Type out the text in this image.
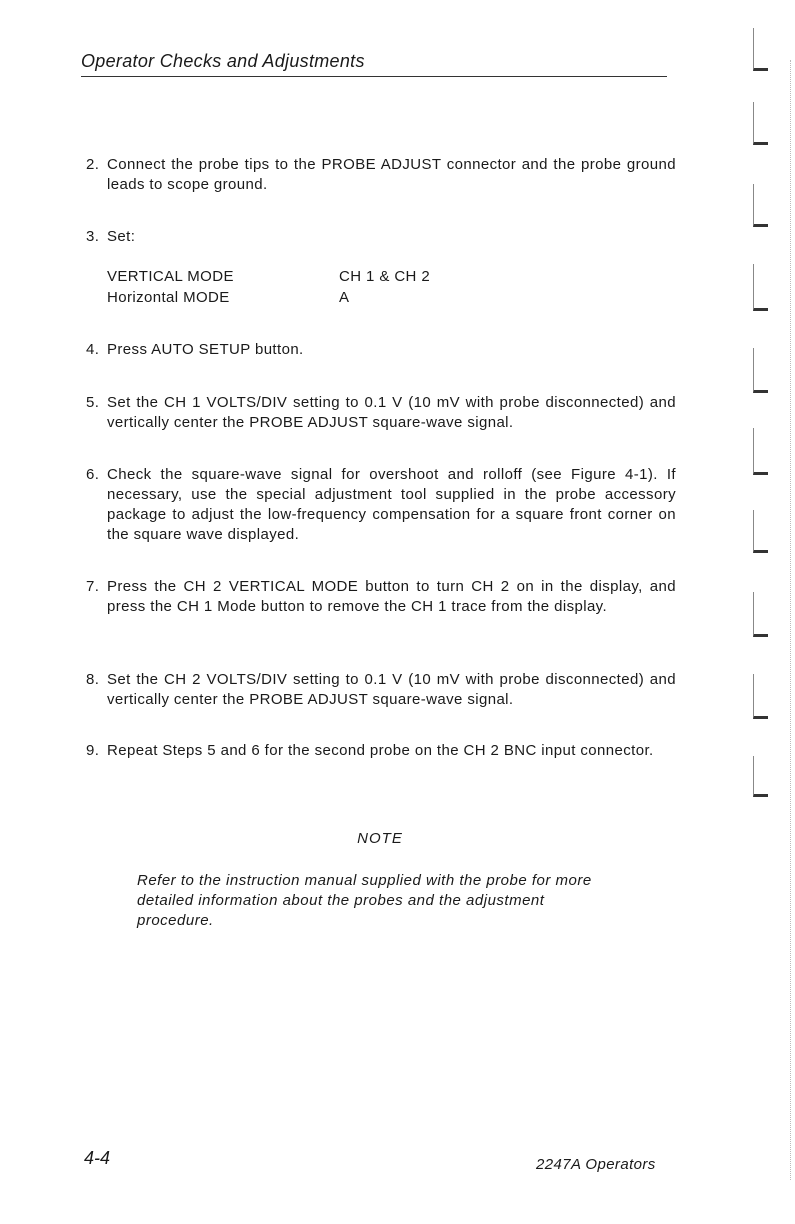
Operator Checks and Adjustments
2. Connect the probe tips to the PROBE ADJUST connector and the probe ground leads to scope ground.
3. Set:
VERTICAL MODE	CH 1 & CH 2
Horizontal MODE	A
4. Press AUTO SETUP button.
5. Set the CH 1 VOLTS/DIV setting to 0.1 V (10 mV with probe disconnected) and vertically center the PROBE ADJUST square-wave signal.
6. Check the square-wave signal for overshoot and rolloff (see Figure 4-1). If necessary, use the special adjustment tool supplied in the probe accessory package to adjust the low-frequency compensation for a square front corner on the square wave displayed.
7. Press the CH 2 VERTICAL MODE button to turn CH 2 on in the display, and press the CH 1 Mode button to remove the CH 1 trace from the display.
8. Set the CH 2 VOLTS/DIV setting to 0.1 V (10 mV with probe disconnected) and vertically center the PROBE ADJUST square-wave signal.
9. Repeat Steps 5 and 6 for the second probe on the CH 2 BNC input connector.
NOTE
Refer to the instruction manual supplied with the probe for more detailed information about the probes and the adjustment procedure.
4-4	2247A Operators
